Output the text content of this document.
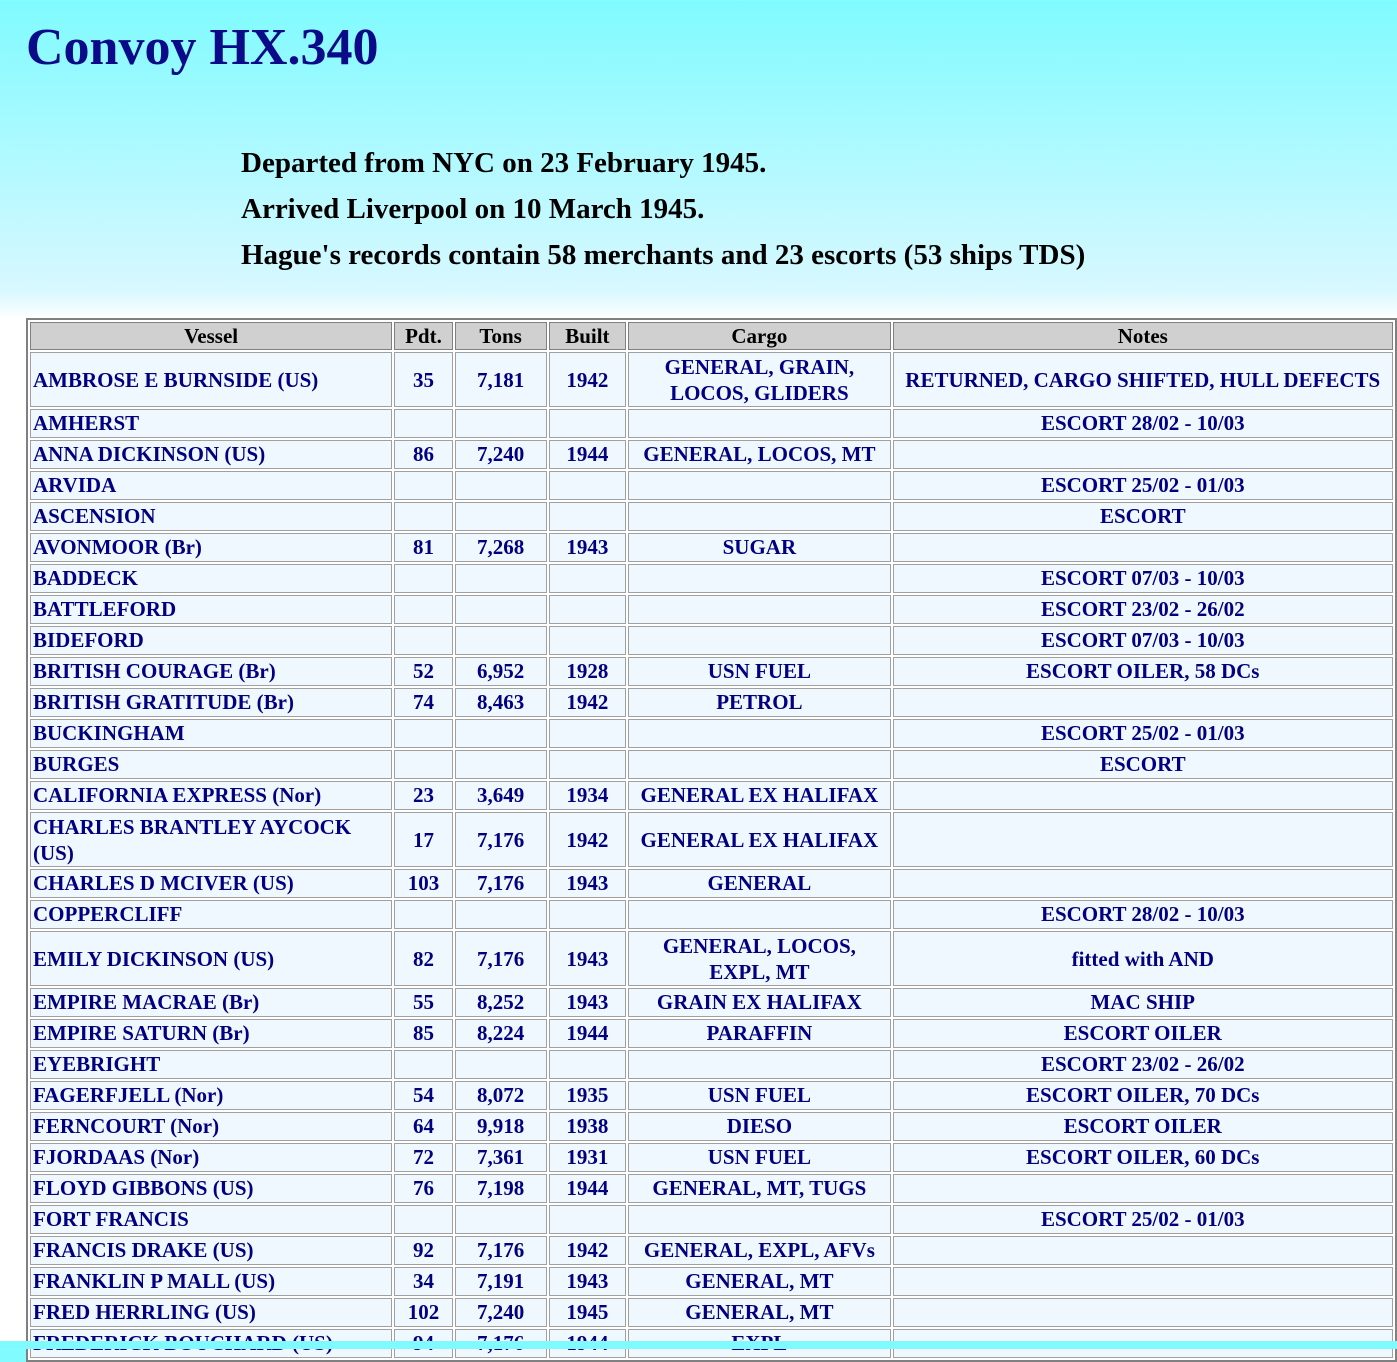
Convoy HX.340
Departed from NYC on 23 February 1945.
Arrived Liverpool on 10 March 1945.
Hague's records contain 58 merchants and 23 escorts (53 ships TDS)
Vessel	Pdt.	Tons	Built	Cargo	Notes
AMBROSE E BURNSIDE (US)	35	7,181	1942	GENERAL, GRAIN, LOCOS, GLIDERS	RETURNED, CARGO SHIFTED, HULL DEFECTS
AMHERST					ESCORT 28/02 - 10/03
ANNA DICKINSON (US)	86	7,240	1944	GENERAL, LOCOS, MT	
ARVIDA					ESCORT 25/02 - 01/03
ASCENSION					ESCORT
AVONMOOR (Br)	81	7,268	1943	SUGAR	
BADDECK					ESCORT 07/03 - 10/03
BATTLEFORD					ESCORT 23/02 - 26/02
BIDEFORD					ESCORT 07/03 - 10/03
BRITISH COURAGE (Br)	52	6,952	1928	USN FUEL	ESCORT OILER, 58 DCs
BRITISH GRATITUDE (Br)	74	8,463	1942	PETROL	
BUCKINGHAM					ESCORT 25/02 - 01/03
BURGES					ESCORT
CALIFORNIA EXPRESS (Nor)	23	3,649	1934	GENERAL EX HALIFAX	
CHARLES BRANTLEY AYCOCK (US)	17	7,176	1942	GENERAL EX HALIFAX	
CHARLES D MCIVER (US)	103	7,176	1943	GENERAL	
COPPERCLIFF					ESCORT 28/02 - 10/03
EMILY DICKINSON (US)	82	7,176	1943	GENERAL, LOCOS, EXPL, MT	fitted with AND
EMPIRE MACRAE (Br)	55	8,252	1943	GRAIN EX HALIFAX	MAC SHIP
EMPIRE SATURN (Br)	85	8,224	1944	PARAFFIN	ESCORT OILER
EYEBRIGHT					ESCORT 23/02 - 26/02
FAGERFJELL (Nor)	54	8,072	1935	USN FUEL	ESCORT OILER, 70 DCs
FERNCOURT (Nor)	64	9,918	1938	DIESO	ESCORT OILER
FJORDAAS (Nor)	72	7,361	1931	USN FUEL	ESCORT OILER, 60 DCs
FLOYD GIBBONS (US)	76	7,198	1944	GENERAL, MT, TUGS	
FORT FRANCIS					ESCORT 25/02 - 01/03
FRANCIS DRAKE (US)	92	7,176	1942	GENERAL, EXPL, AFVs	
FRANKLIN P MALL (US)	34	7,191	1943	GENERAL, MT	
FRED HERRLING (US)	102	7,240	1945	GENERAL, MT	
